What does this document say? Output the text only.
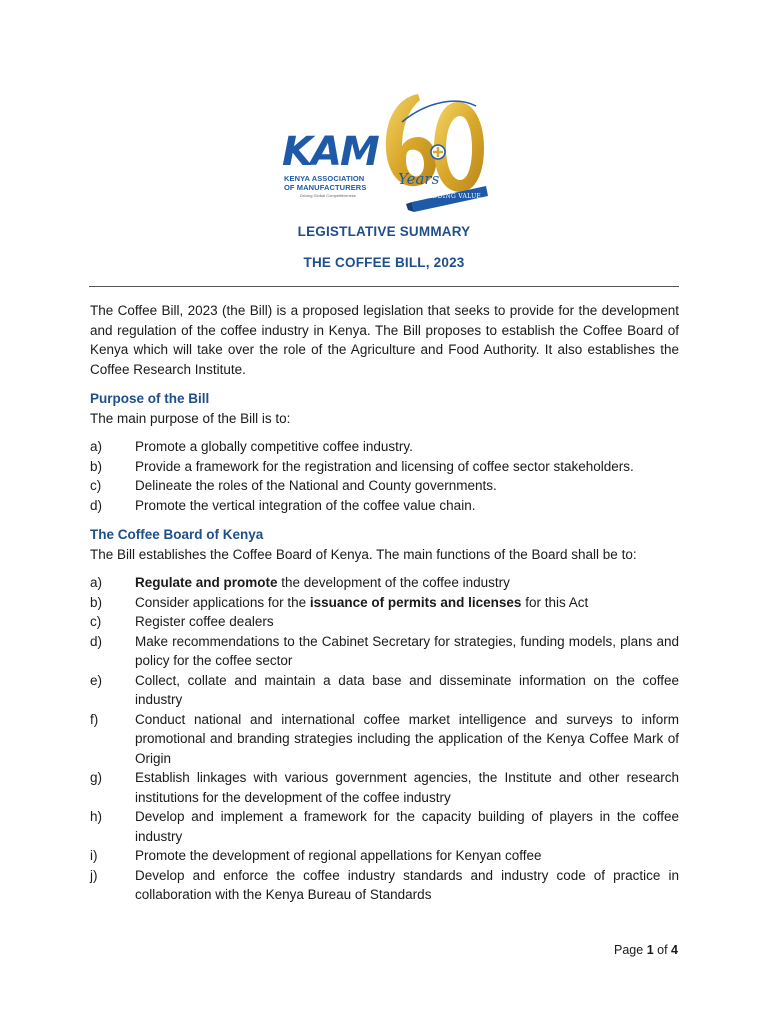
KAM
KENYA ASSOCIATION
OF MANUFACTURERS
Driving Global Competitiveness
Years
OF ADDING VALUE
LEGISTLATIVE SUMMARY
THE COFFEE BILL, 2023

The Coffee Bill, 2023 (the Bill) is a proposed legislation that seeks to provide for the development and regulation of the coffee industry in Kenya. The Bill proposes to establish the Coffee Board of Kenya which will take over the role of the Agriculture and Food Authority. It also establishes the Coffee Research Institute.

Purpose of the Bill

The main purpose of the Bill is to:

a) Promote a globally competitive coffee industry.
b) Provide a framework for the registration and licensing of coffee sector stakeholders.
c)	Delineate the roles of the National and County governments.
d) Promote the vertical integration of the coffee value chain.
The Coffee Board of Kenya

The Bill establishes the Coffee Board of Kenya. The main functions of the Board shall be to:

a) Regulate and promote the development of the coffee industry
b) Consider applications for the issuance of permits and licenses for this Act
c)	Register coffee dealers
d) Make recommendations to the Cabinet Secretary for strategies, funding models, plans and policy for the coffee sector
e) Collect, collate and maintain a data base and disseminate information on the coffee industry
f)	Conduct national and international coffee market intelligence and surveys to inform promotional and branding strategies including the application of the Kenya Coffee Mark of Origin
g) Establish linkages with various government agencies, the Institute and other research institutions for the development of the coffee industry
h) Develop and implement a framework for the capacity building of players in the coffee industry
i)	Promote the development of regional appellations for Kenyan coffee
j)	Develop and enforce the coffee industry standards and industry code of practice in collaboration with the Kenya Bureau of Standards
Page 1 of 4
